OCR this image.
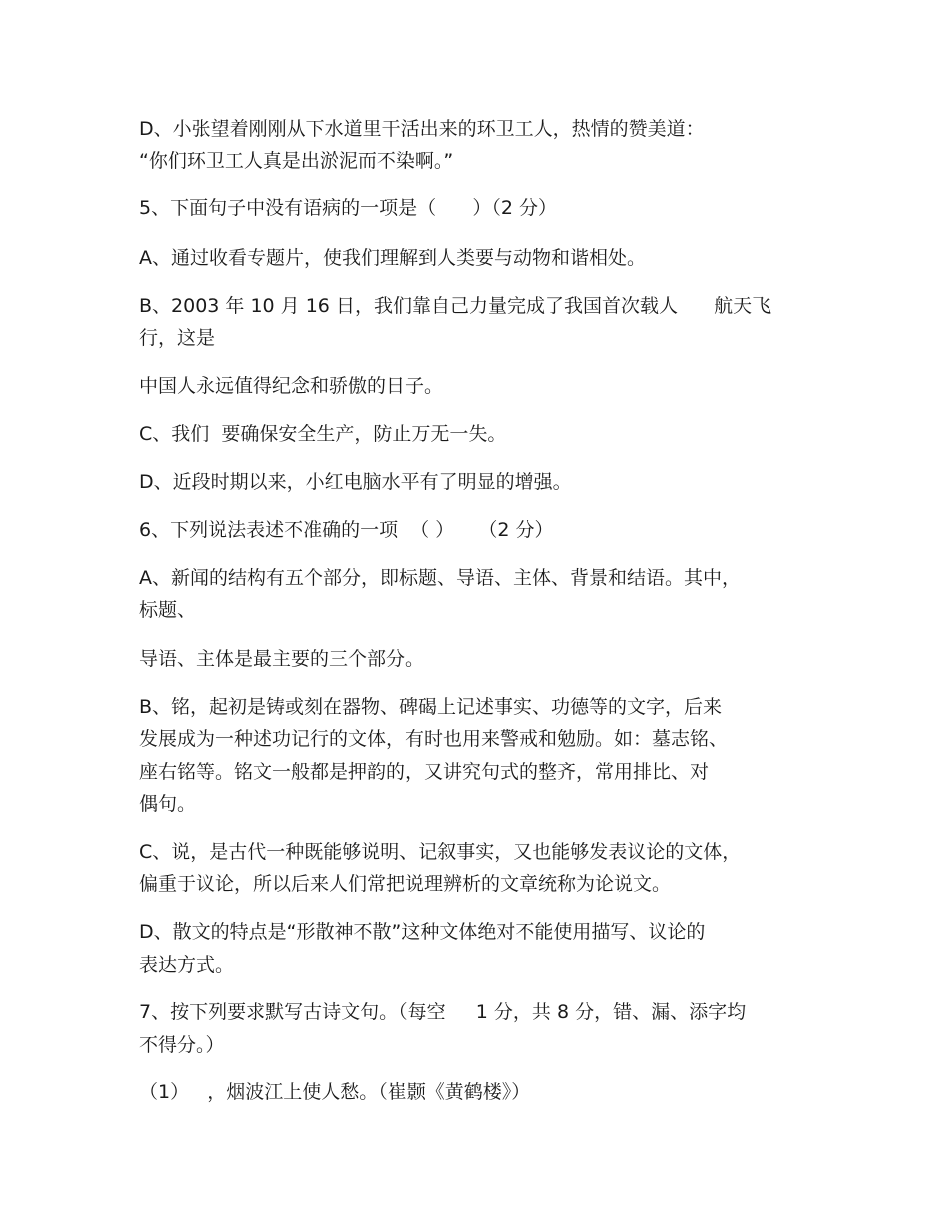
D、小张望着刚刚从下水道里干活出来的环卫工人，热情的赞美道：
“你们环卫工人真是出淤泥而不染啊。”
5、下面句子中没有语病的一项是（      ）（2 分）
A、通过收看专题片，使我们理解到人类要与动物和谐相处。
B、2003 年 10 月 16 日，我们靠自己力量完成了我国首次载人      航天飞
行，这是
中国人永远值得纪念和骄傲的日子。
C、我们  要确保安全生产，防止万无一失。
D、近段时期以来，小红电脑水平有了明显的增强。
6、下列说法表述不准确的一项  （ ）    （2 分）
A、新闻的结构有五个部分，即标题、导语、主体、背景和结语。其中，
标题、
导语、主体是最主要的三个部分。
B、铭，起初是铸或刻在器物、碑碣上记述事实、功德等的文字，后来
发展成为一种述功记行的文体，有时也用来警戒和勉励。如：墓志铭、
座右铭等。铭文一般都是押韵的，又讲究句式的整齐，常用排比、对
偶句。
C、说，是古代一种既能够说明、记叙事实，又也能够发表议论的文体，
偏重于议论，所以后来人们常把说理辨析的文章统称为论说文。
D、散文的特点是“形散神不散”这种文体绝对不能使用描写、议论的
表达方式。
7、按下列要求默写古诗文句。（每空     1 分，共 8 分，错、漏、添字均
不得分。）
（1）   ，烟波江上使人愁。（崔颢《黄鹤楼》）
